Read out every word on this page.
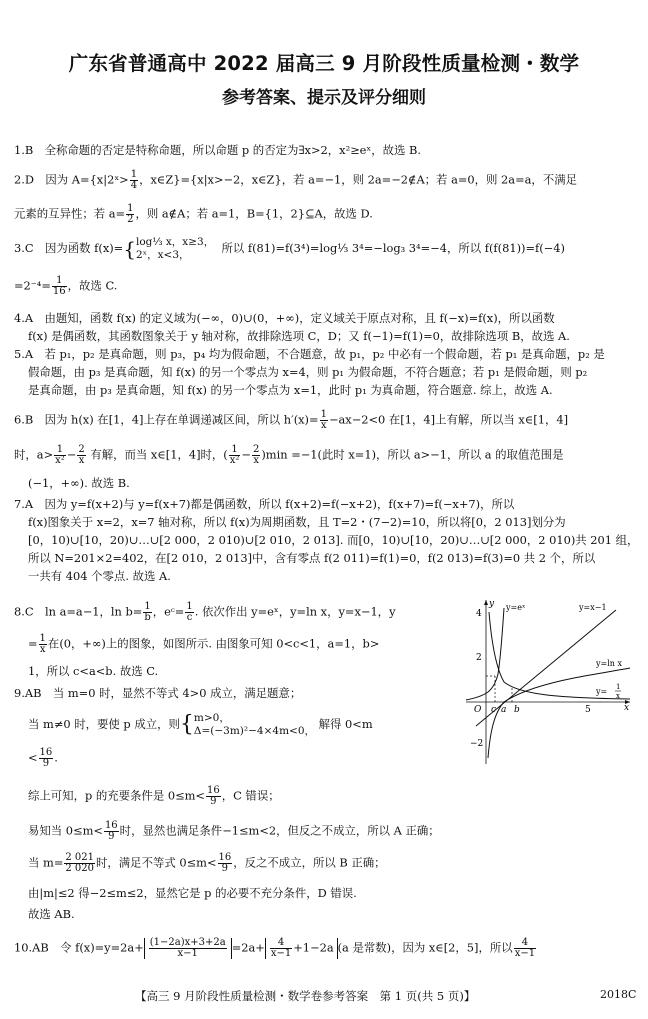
广东省普通高中 2022 届高三 9 月阶段性质量检测・数学
参考答案、提示及评分细则
1.B　全称命题的否定是特称命题，所以命题 p 的否定为∃x>2，x²≥eˣ，故选 B.
2.D　因为 A={x|2ˣ> $\frac{1}{4}$ ，x∈Z}={x|x>−2，x∈Z}，若 a=−1，则 2a=−2∉A；若 a=0，则 2a=a，不满足
元素的互异性；若 $a= \frac{1}{2}$ ，则 a∉A；若 a=1，B={1，2}⊆A，故选 D.
3.C　因为函数 f(x)={ log⅓ x，x≥3，
2ˣ，x<3，	所以 f(81)=f(3⁴)=log⅓ 3⁴=−log₃ 3⁴=−4，所以 f(f(81))=f(−4)
$=2^{-4}= \frac{1}{16}$ ，故选 C.
4.A　由题知，函数 f(x) 的定义域为(−∞，0)∪(0，+∞)，定义域关于原点对称，且 f(−x)=f(x)，所以函数
f(x) 是偶函数，其函数图象关于 y 轴对称，故排除选项 C，D；又 f(−1)=f(1)=0，故排除选项 B，故选 A.
5.A　若 p₁，p₂ 是真命题，则 p₃，p₄ 均为假命题，不合题意，故 p₁，p₂ 中必有一个假命题，若 p₁ 是真命题，p₂ 是
假命题，由 p₃ 是真命题，知 f(x) 的另一个零点为 x=4，则 p₁ 为假命题，不符合题意；若 p₁ 是假命题，则 p₂
是真命题，由 p₃ 是真命题，知 f(x) 的另一个零点为 x=1，此时 p₁ 为真命题，符合题意. 综上，故选 A.
6.B　因为 h(x) 在[1，4]上存在单调递减区间，所以 $h'(x)= \frac{1}{x} -ax-2<0$ 在[1，4]上有解，所以当 x∈[1，4]
时，$a> \frac{1}{\text{x²}} - \frac{2}{x}$ 有解，而当 x∈[1，4]时，( $\frac{1}{\text{x²}} - \frac{2}{x} )\min =-1$(此时 x=1)，所以 a>−1，所以 a 的取值范围是
(−1，+∞). 故选 B.
7.A　因为 y=f(x+2)与 y=f(x+7)都是偶函数，所以 f(x+2)=f(−x+2)，f(x+7)=f(−x+7)，所以
f(x)图象关于 x=2，x=7 轴对称，所以 f(x)为周期函数，且 T=2・(7−2)=10，所以将[0，2 013]划分为
[0，10)∪[10，20)∪…∪[2 000，2 010)∪[2 010，2 013]. 而[0，10)∪[10，20)∪…∪[2 000，2 010)共 201 组，
所以 N=201×2=402，在[2 010，2 013]中，含有零点 f(2 011)=f(1)=0，f(2 013)=f(3)=0 共 2 个，所以
一共有 404 个零点. 故选 A.
8.C　ln a=a−1，$\ln b= \frac{1}{b}$ ，eᶜ= $\frac{1}{c}$ . 依次作出 y=eˣ，y=ln x，y=x−1，y
= $\frac{1}{x}$ 在(0，+∞)上的图象，如图所示. 由图象可知 0<c<1，a=1，b>
1，所以 c<a<b. 故选 C.
4
2
−2
O c a b	5	x
y y=eˣ	y=x−1
y=ln x
y= 1
x
9.AB　当 m=0 时，显然不等式 4>0 成立，满足题意；
当 m≠0 时，要使 p 成立，则{ m>0，
Δ=(−3m)²−4×4m<0， 解得 0<m
< $\frac{16}{9}$ .
综上可知，p 的充要条件是 $0\le m< \frac{16}{9}$ ，C 错误；
易知当 $0\le m< \frac{16}{9}$ 时，显然也满足条件−1≤m<2，但反之不成立，所以 A 正确；
当 $m= \frac{2 021}{2 020}$ 时，满足不等式 $0\le m< \frac{16}{9}$ ，反之不成立，所以 B 正确；
由|m|≤2 得−2≤m≤2，显然它是 p 的必要不充分条件，D 错误.
故选 AB.
10.AB　令 $f(x)=y=2a+ \frac{(1-2a)x+3+2a}{x-1} =2a+ \frac{4}{x-1} +1-2a$ (a 是常数)，因为 x∈[2，5]，所以 $\frac{4}{x-1}$
【高三 9 月阶段性质量检测・数学卷参考答案　第 1 页(共 5 页)】	2018C
